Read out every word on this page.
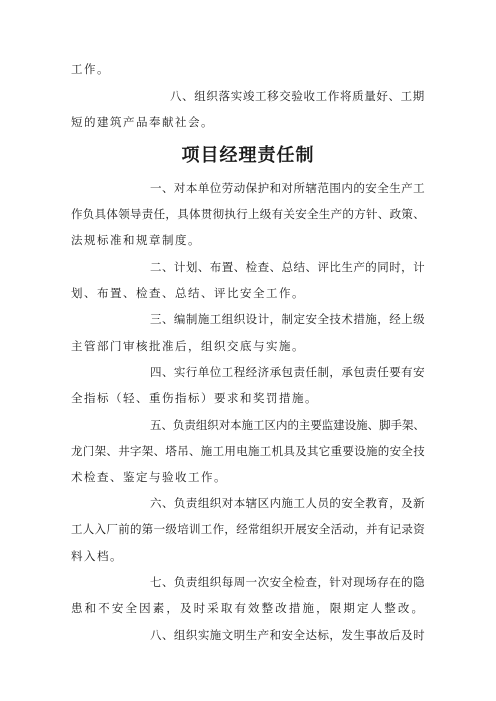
工作。
八、组织落实竣工移交验收工作将质量好、工期
短的建筑产品奉献社会。
项目经理责任制
一、对本单位劳动保护和对所辖范围内的安全生产工
作负具体领导责任，具体贯彻执行上级有关安全生产的方针、政策、
法规标准和规章制度。
二、计划、布置、检查、总结、评比生产的同时，计
划、布置、检查、总结、评比安全工作。
三、编制施工组织设计，制定安全技术措施，经上级
主管部门审核批准后，组织交底与实施。
四、实行单位工程经济承包责任制，承包责任要有安
全指标（轻、重伤指标）要求和奖罚措施。
五、负责组织对本施工区内的主要监建设施、脚手架、
龙门架、井字架、塔吊、施工用电施工机具及其它重要设施的安全技
术检查、鉴定与验收工作。
六、负责组织对本辖区内施工人员的安全教育，及新
工人入厂前的第一级培训工作，经常组织开展安全活动，并有记录资
料入档。
七、负责组织每周一次安全检查，针对现场存在的隐
患和不安全因素，及时采取有效整改措施，限期定人整改。
八、组织实施文明生产和安全达标，发生事故后及时
